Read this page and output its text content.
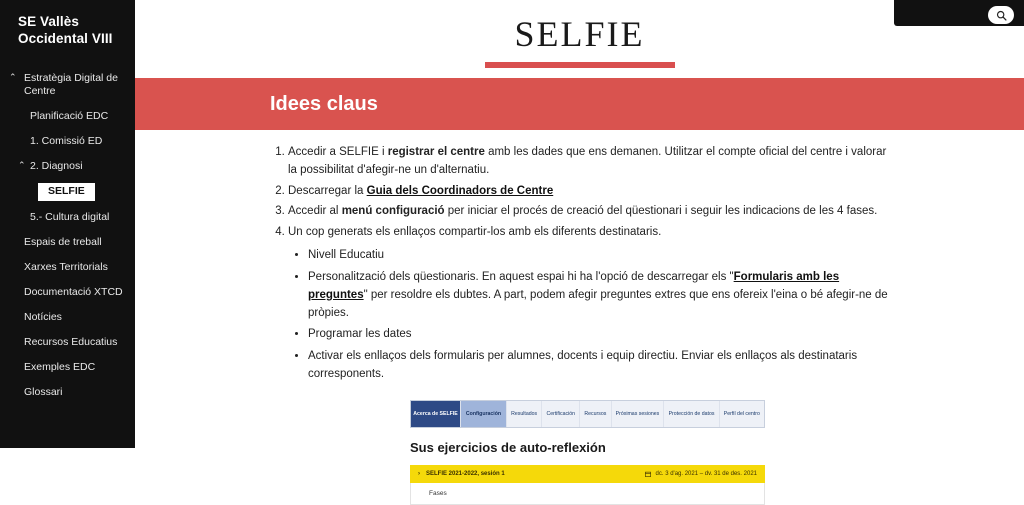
SE Vallès Occidental VIII
⌃ Estratègia Digital de Centre
Planificació EDC
1. Comissió ED
⌃ 2. Diagnosi
SELFIE
5.- Cultura digital
Espais de treball
Xarxes Territorials
Documentació XTCD
Notícies
Recursos Educatius
Exemples EDC
Glossari
SELFIE
Idees claus
1. Accedir a SELFIE i registrar el centre amb les dades que ens demanen. Utilitzar el compte oficial del centre i valorar la possibilitat d'afegir-ne un d'alternatiu.
2. Descarregar la Guia dels Coordinadors de Centre
3. Accedir al menú configuració per iniciar el procés de creació del qüestionari i seguir les indicacions de les 4 fases.
4. Un cop generats els enllaços compartir-los amb els diferents destinataris.
• Nivell Educatiu
• Personalització dels qüestionaris. En aquest espai hi ha l'opció de descarregar els "Formularis amb les preguntes" per resoldre els dubtes. A part, podem afegir preguntes extres que ens ofereix l'eina o bé afegir-ne de pròpies.
• Programar les dates
• Activar els enllaços dels formularis per alumnes, docents i equip directiu. Enviar els enllaços als destinataris corresponents.
Acerca de SELFIE	Configuración	Resultados	Certificación	Recursos	Próximas sesiones	Protección de datos	Perfil del centro
Sus ejercicios de auto-reflexión
› SELFIE 2021-2022, sesión 1	dc. 3 d'ag. 2021 – dv. 31 de des. 2021
Fases
